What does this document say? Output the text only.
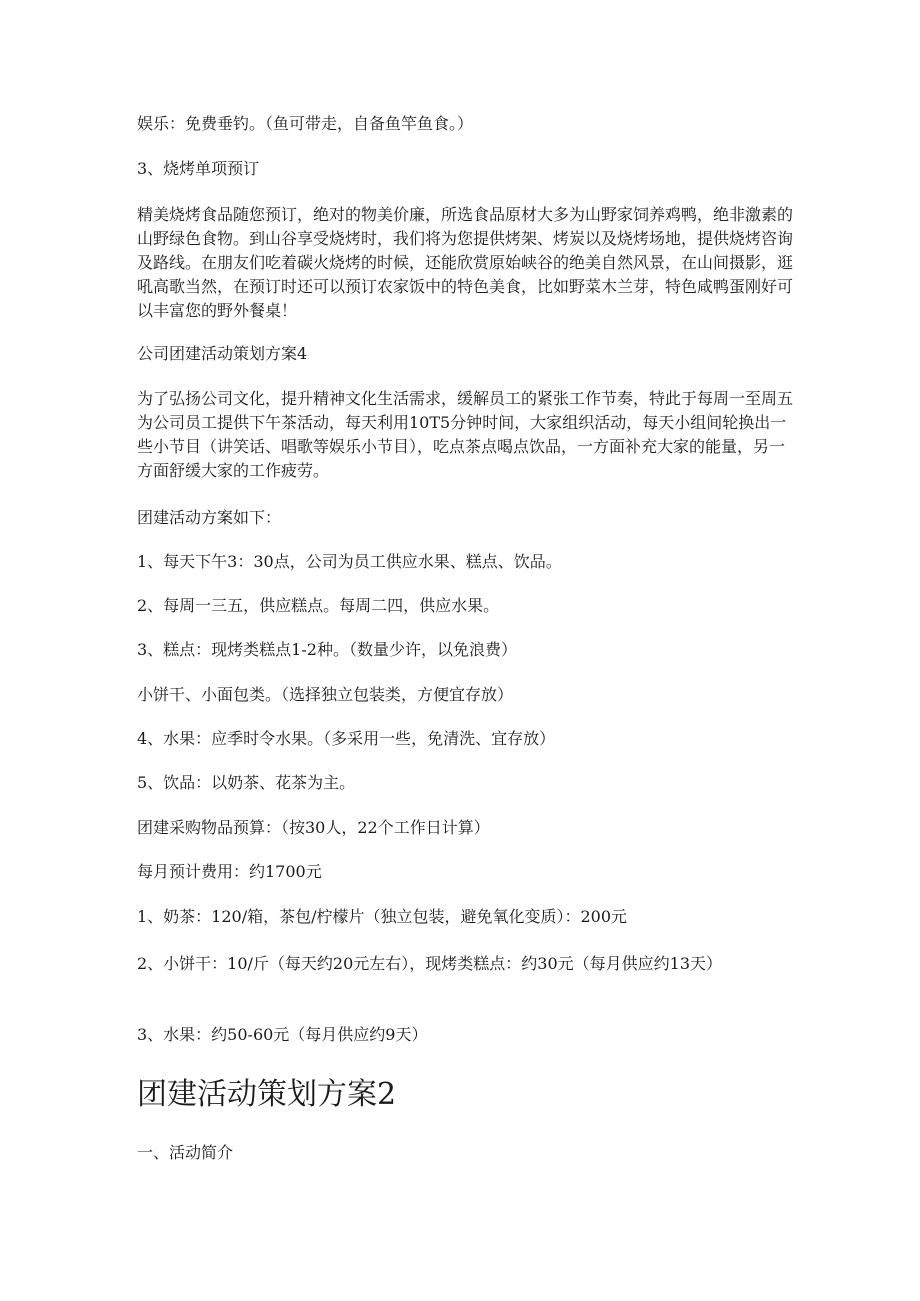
娱乐：免费垂钓。（鱼可带走，自备鱼竿鱼食。）

3、烧烤单项预订

精美烧烤食品随您预订，绝对的物美价廉，所选食品原材大多为山野家饲养鸡鸭，绝非激素的山野绿色食物。到山谷享受烧烤时，我们将为您提供烤架、烤炭以及烧烤场地，提供烧烤咨询及路线。在朋友们吃着碳火烧烤的时候，还能欣赏原始峡谷的绝美自然风景，在山间摄影，逛吼高歌当然，在预订时还可以预订农家饭中的特色美食，比如野菜木兰芽，特色咸鸭蛋刚好可以丰富您的野外餐桌！

公司团建活动策划方案4

为了弘扬公司文化，提升精神文化生活需求，缓解员工的紧张工作节奏，特此于每周一至周五为公司员工提供下午茶活动，每天利用10T5分钟时间，大家组织活动，每天小组间轮换出一些小节目（讲笑话、唱歌等娱乐小节目），吃点茶点喝点饮品，一方面补充大家的能量，另一方面舒缓大家的工作疲劳。

团建活动方案如下：

1、每天下午3：30点，公司为员工供应水果、糕点、饮品。

2、每周一三五，供应糕点。每周二四，供应水果。

3、糕点：现烤类糕点1-2种。（数量少许，以免浪费）

小饼干、小面包类。（选择独立包装类，方便宜存放）

4、水果：应季时令水果。（多采用一些，免清洗、宜存放）

5、饮品：以奶茶、花茶为主。

团建采购物品预算：（按30人，22个工作日计算）

每月预计费用：约1700元

1、奶茶：120/箱，茶包/柠檬片（独立包装，避免氧化变质）：200元

2、小饼干：10/斤（每天约20元左右），现烤类糕点：约30元（每月供应约13天）

3、水果：约50-60元（每月供应约9天）

团建活动策划方案2

一、活动简介
